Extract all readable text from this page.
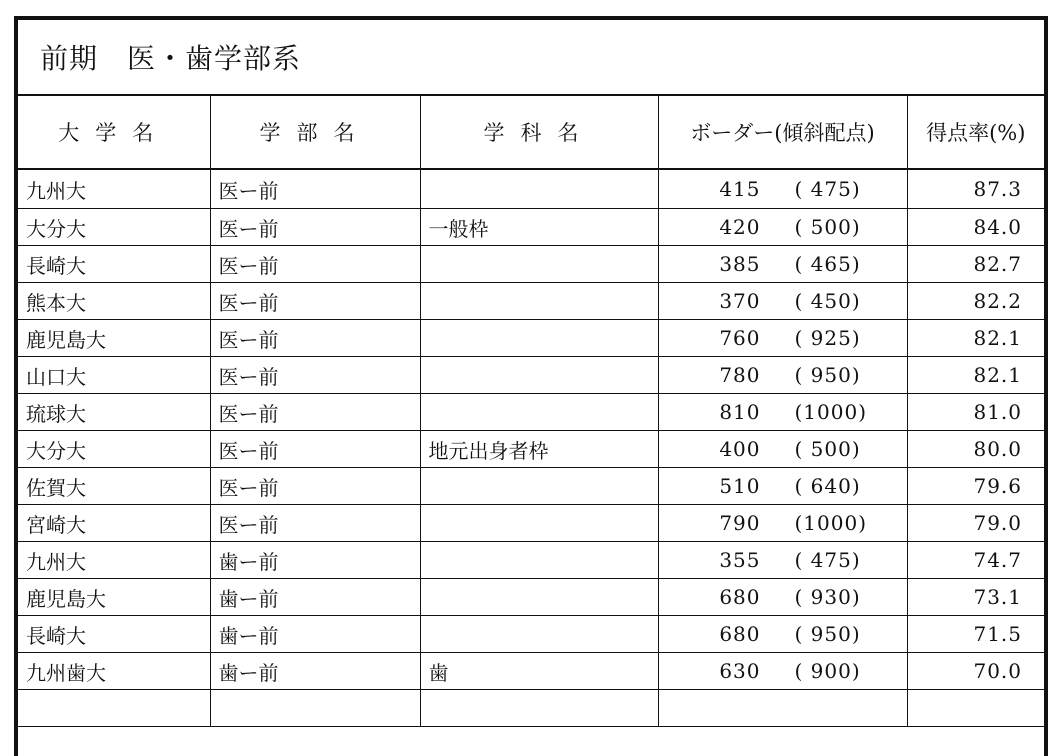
前期　医・歯学部系
大学名	学部名	学科名	ボーダー(傾斜配点)	得点率(%)
九州大	医ー前		415 ( 475)	87.3
大分大	医ー前	一般枠	420 ( 500)	84.0
長崎大	医ー前		385 ( 465)	82.7
熊本大	医ー前		370 ( 450)	82.2
鹿児島大	医ー前		760 ( 925)	82.1
山口大	医ー前		780 ( 950)	82.1
琉球大	医ー前		810 (1000)	81.0
大分大	医ー前	地元出身者枠	400 ( 500)	80.0
佐賀大	医ー前		510 ( 640)	79.6
宮崎大	医ー前		790 (1000)	79.0
九州大	歯ー前		355 ( 475)	74.7
鹿児島大	歯ー前		680 ( 930)	73.1
長崎大	歯ー前		680 ( 950)	71.5
九州歯大	歯ー前	歯	630 ( 900)	70.0
